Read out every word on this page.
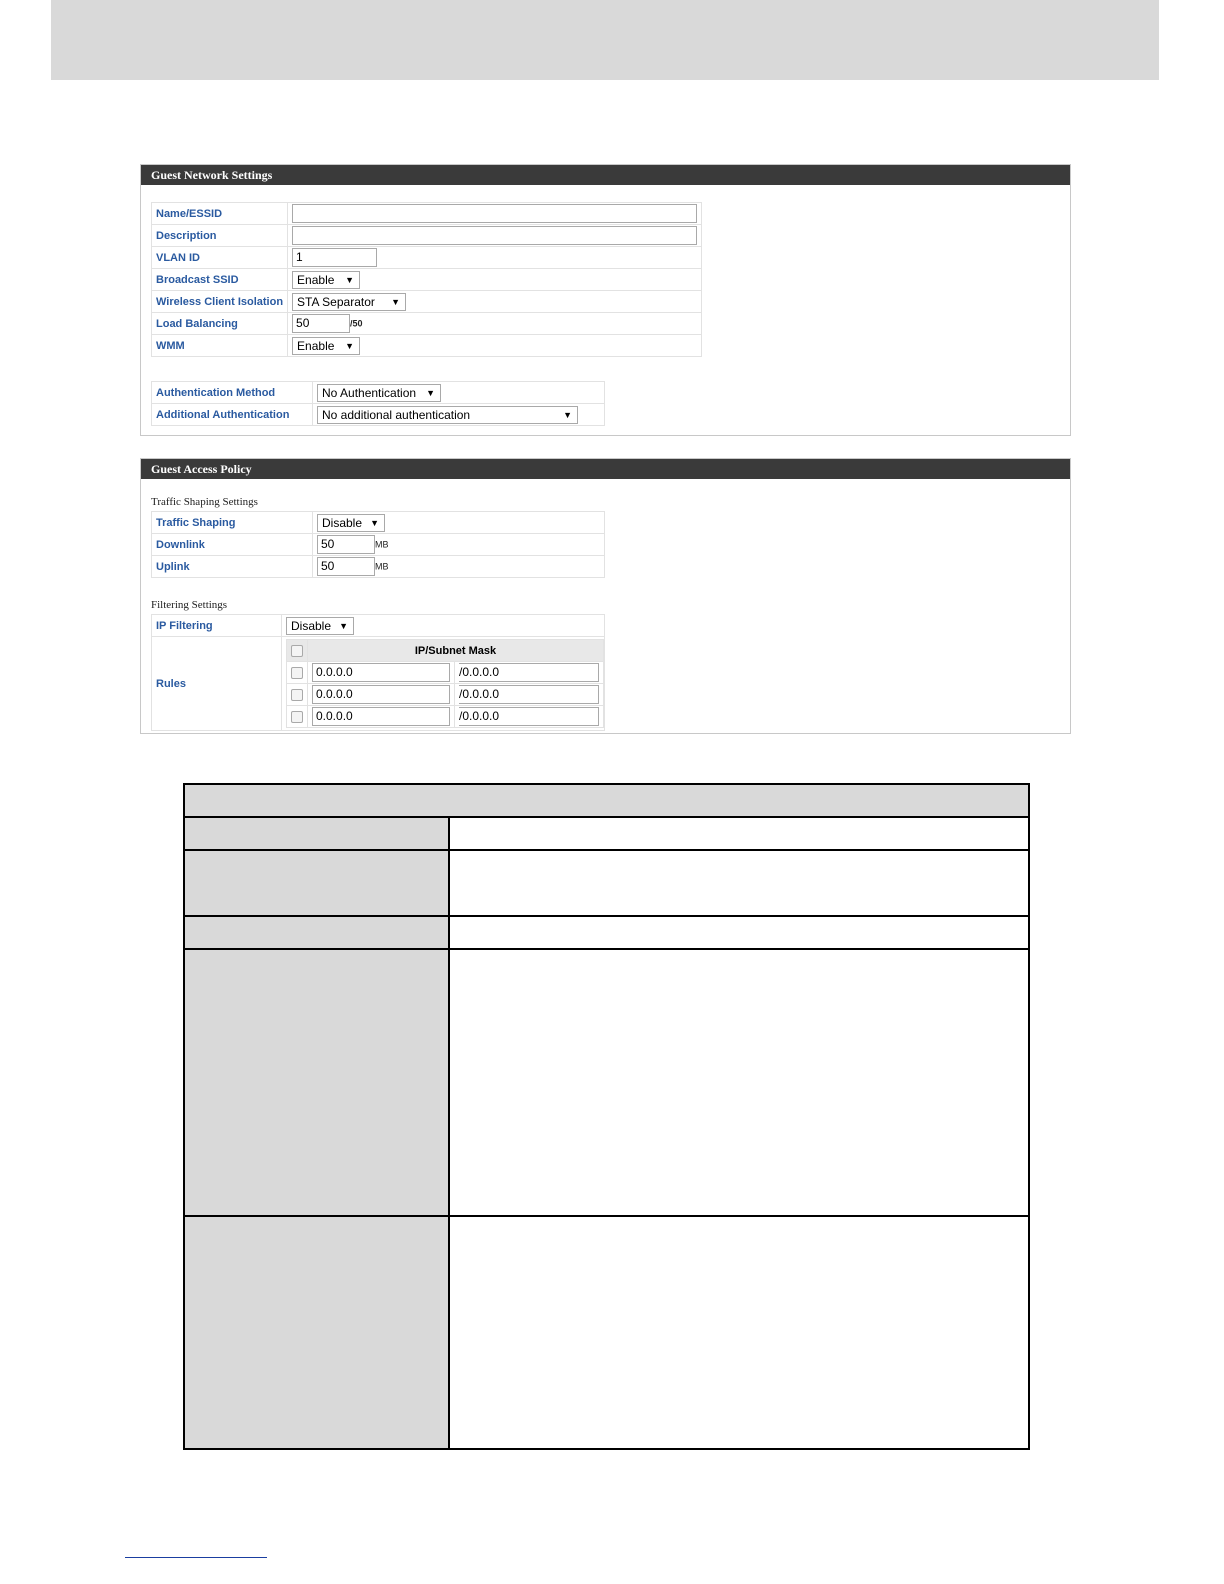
Guest Network Settings
Name/ESSID	
Description	
VLAN ID	1
Broadcast SSID	Enable ▼

Wireless Client Isolation	STA Separator ▼

Load Balancing	50 /50
WMM	Enable ▼
Authentication Method	No Authentication ▼

Additional Authentication	No additional authentication ▼
Guest Access Policy
Traffic Shaping Settings
Traffic Shaping	Disable ▼

Downlink	50 MB
Uplink	50 MB
Filtering Settings
IP Filtering	Disable ▼

Rules	
	IP/Subnet Mask
	0.0.0.0	/0.0.0.0
	0.0.0.0	/0.0.0.0
	0.0.0.0	/0.0.0.0
